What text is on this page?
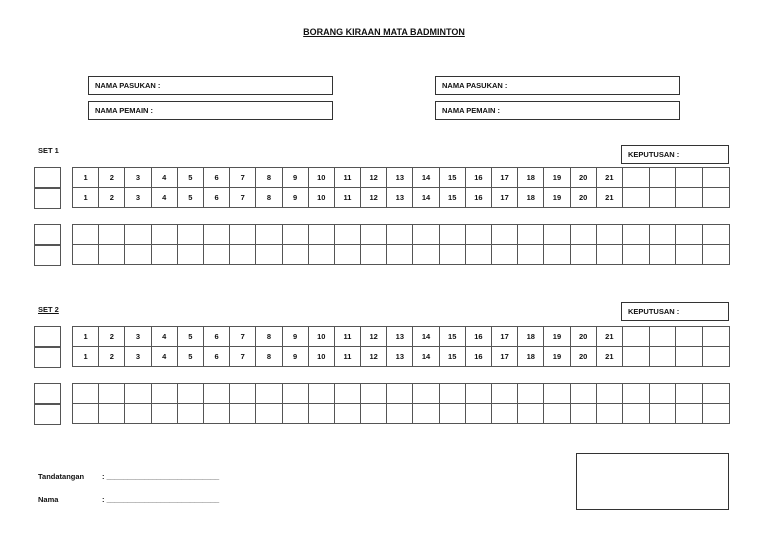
BORANG KIRAAN MATA BADMINTON
NAMA PASUKAN :
NAMA PEMAIN :
NAMA PASUKAN :
NAMA PEMAIN :
SET 1	KEPUTUSAN :
1	2	3	4	5	6	7	8	9	10	11	12	13	14	15	16	17	18	19	20	21				
1	2	3	4	5	6	7	8	9	10	11	12	13	14	15	16	17	18	19	20	21				

SET 2	KEPUTUSAN :
1	2	3	4	5	6	7	8	9	10	11	12	13	14	15	16	17	18	19	20	21				
1	2	3	4	5	6	7	8	9	10	11	12	13	14	15	16	17	18	19	20	21				

Tandatangan : ___________________________
Nama	: ___________________________
